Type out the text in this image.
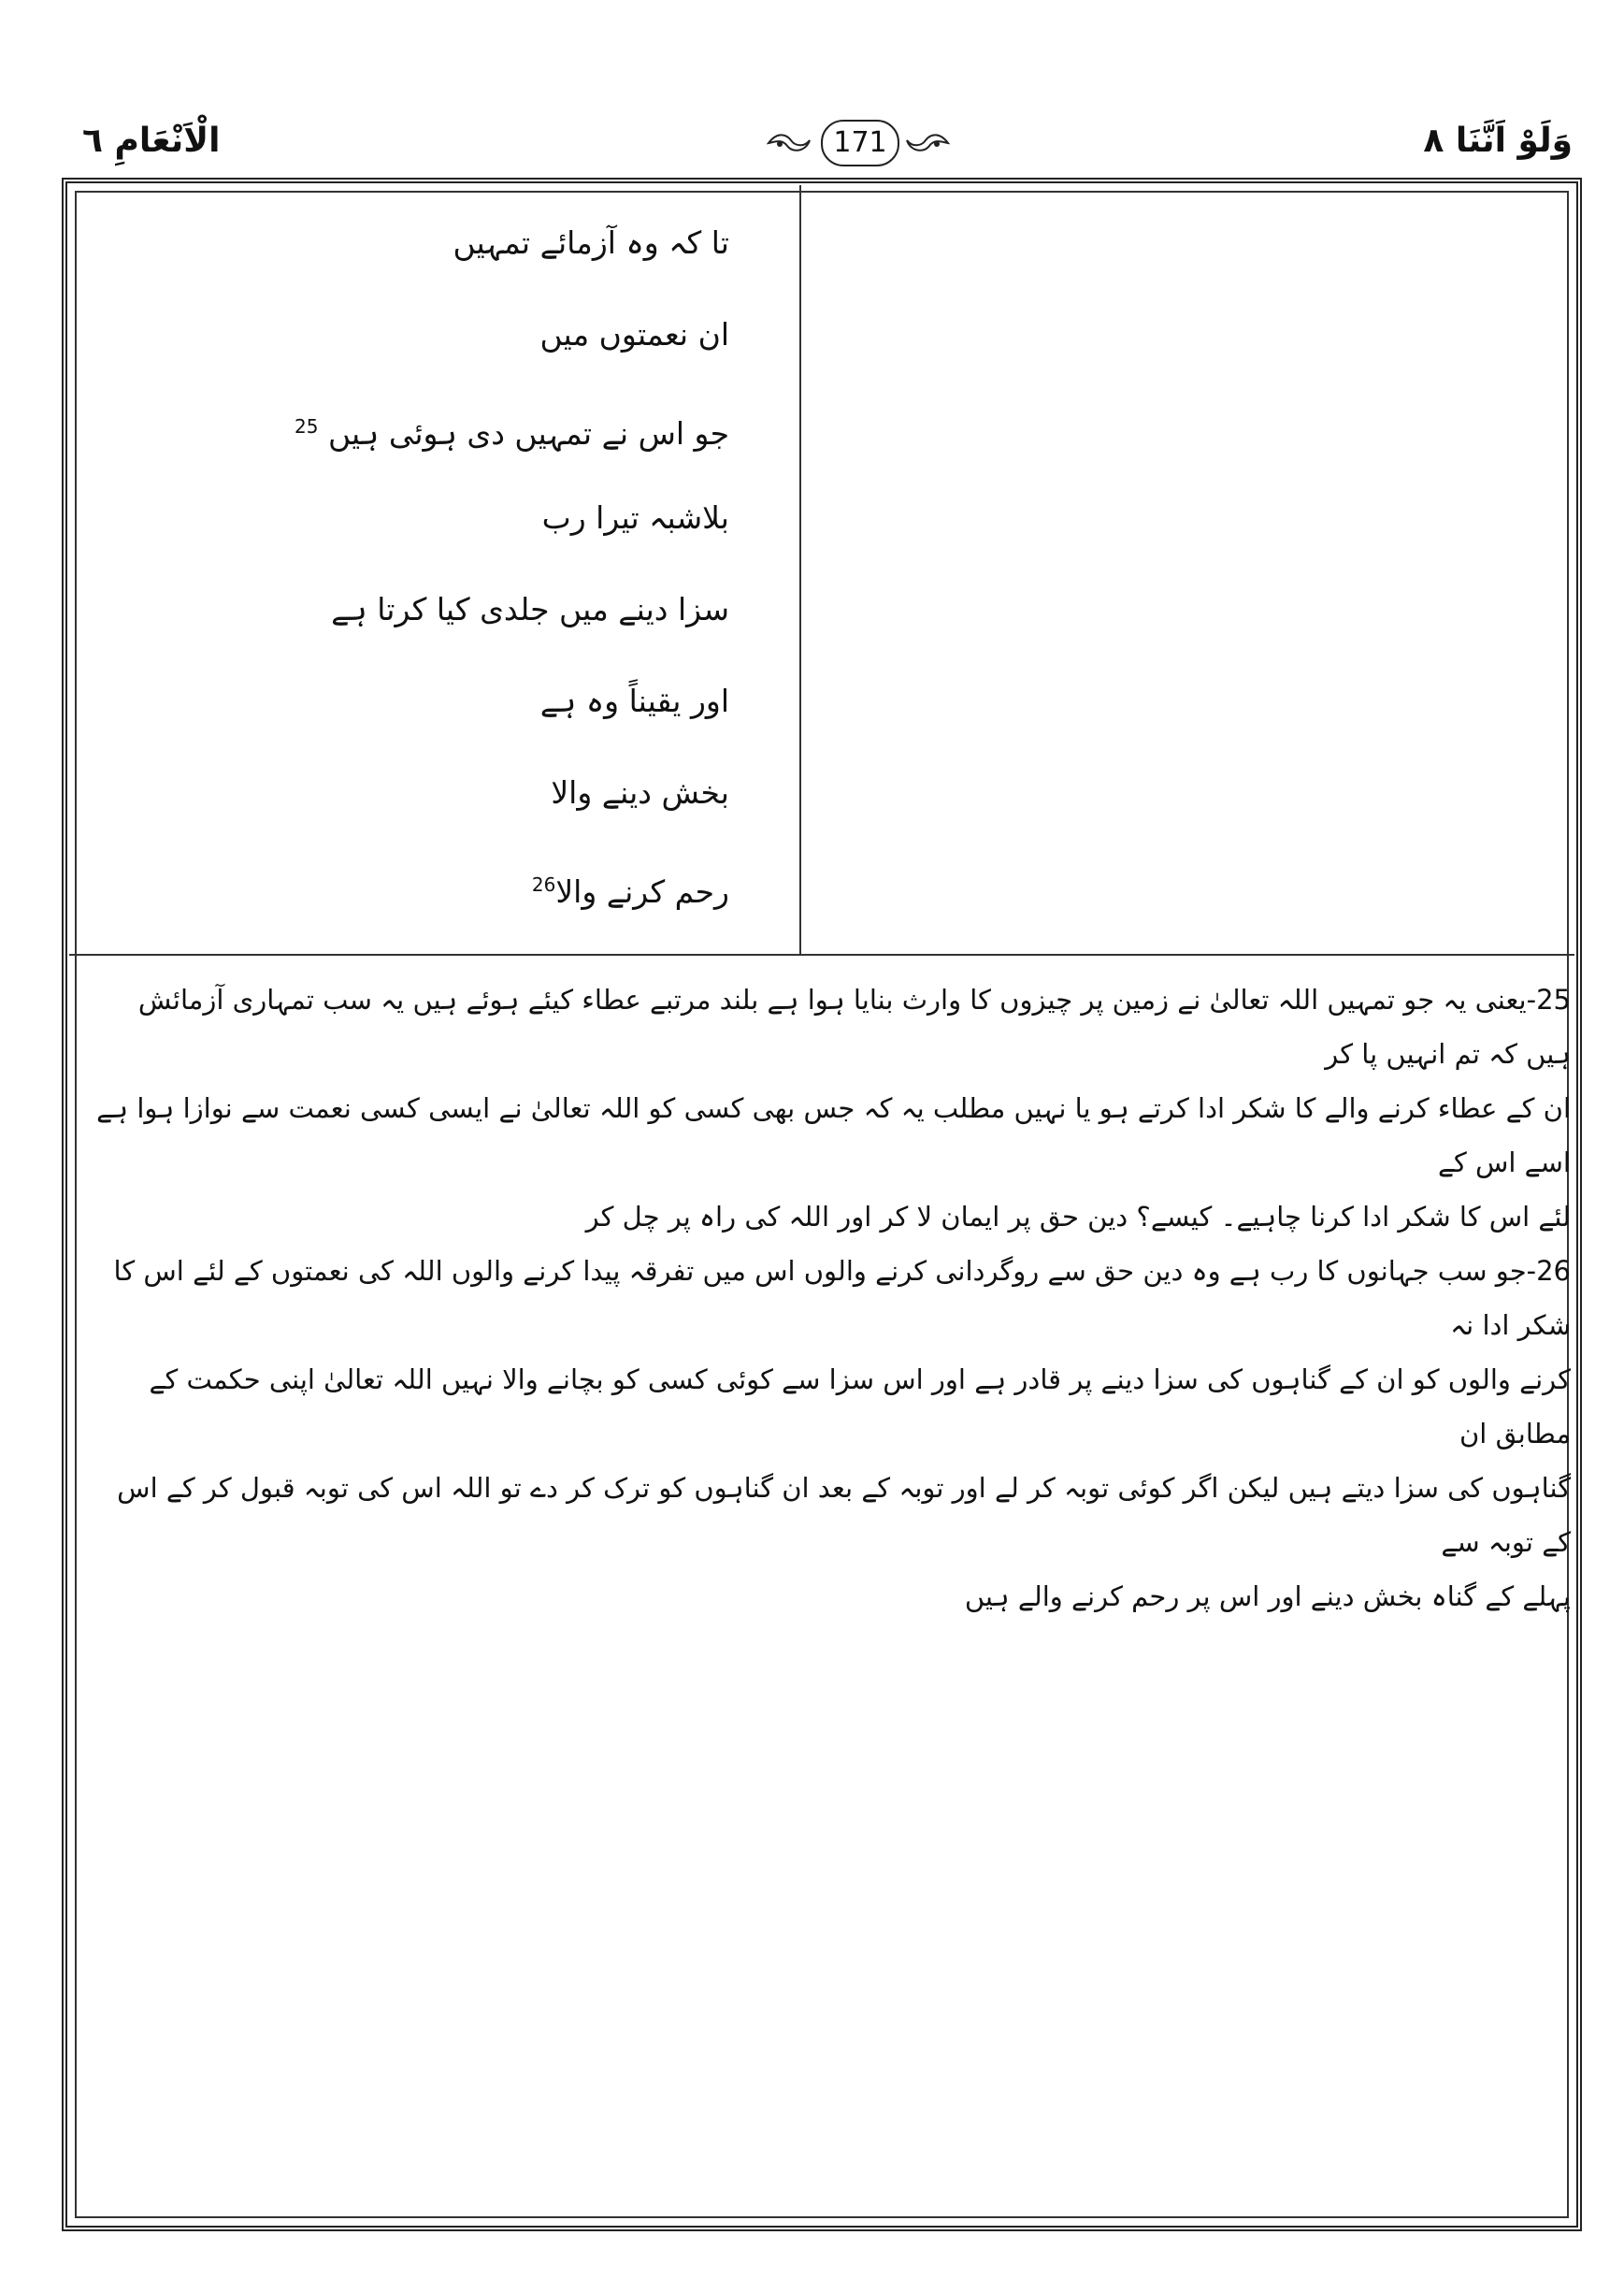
الْاَنْعَامِ ٦	171	وَلَوْ اَنَّنَا ٨
تا کہ وہ آزمائے تمہیں
ان نعمتوں میں
جو اس نے تمہیں دی ہوئی ہیں $^{25}$
بلاشبہ تیرا رب
سزا دینے میں جلدی کیا کرتا ہے
اور یقیناً وہ ہے
بخش دینے والا
رحم کرنے والا$^{26}$

25-یعنی یہ جو تمہیں اللہ تعالیٰ نے زمین پر چیزوں کا وارث بنایا ہوا ہے بلند مرتبے عطاء کیئے ہوئے ہیں یہ سب تمہاری آزمائش ہیں کہ تم انہیں پا کر

ان کے عطاء کرنے والے کا شکر ادا کرتے ہو یا نہیں مطلب یہ کہ جس بھی کسی کو اللہ تعالیٰ نے ایسی کسی نعمت سے نوازا ہوا ہے اسے اس کے

لئے اس کا شکر ادا کرنا چاہیے۔ کیسے؟ دین حق پر ایمان لا کر اور اللہ کی راہ پر چل کر

26-جو سب جہانوں کا رب ہے وہ دین حق سے روگردانی کرنے والوں اس میں تفرقہ پیدا کرنے والوں اللہ کی نعمتوں کے لئے اس کا شکر ادا نہ

کرنے والوں کو ان کے گناہوں کی سزا دینے پر قادر ہے اور اس سزا سے کوئی کسی کو بچانے والا نہیں اللہ تعالیٰ اپنی حکمت کے مطابق ان

گناہوں کی سزا دیتے ہیں لیکن اگر کوئی توبہ کر لے اور توبہ کے بعد ان گناہوں کو ترک کر دے تو اللہ اس کی توبہ قبول کر کے اس کے توبہ سے

پہلے کے گناہ بخش دینے اور اس پر رحم کرنے والے ہیں
